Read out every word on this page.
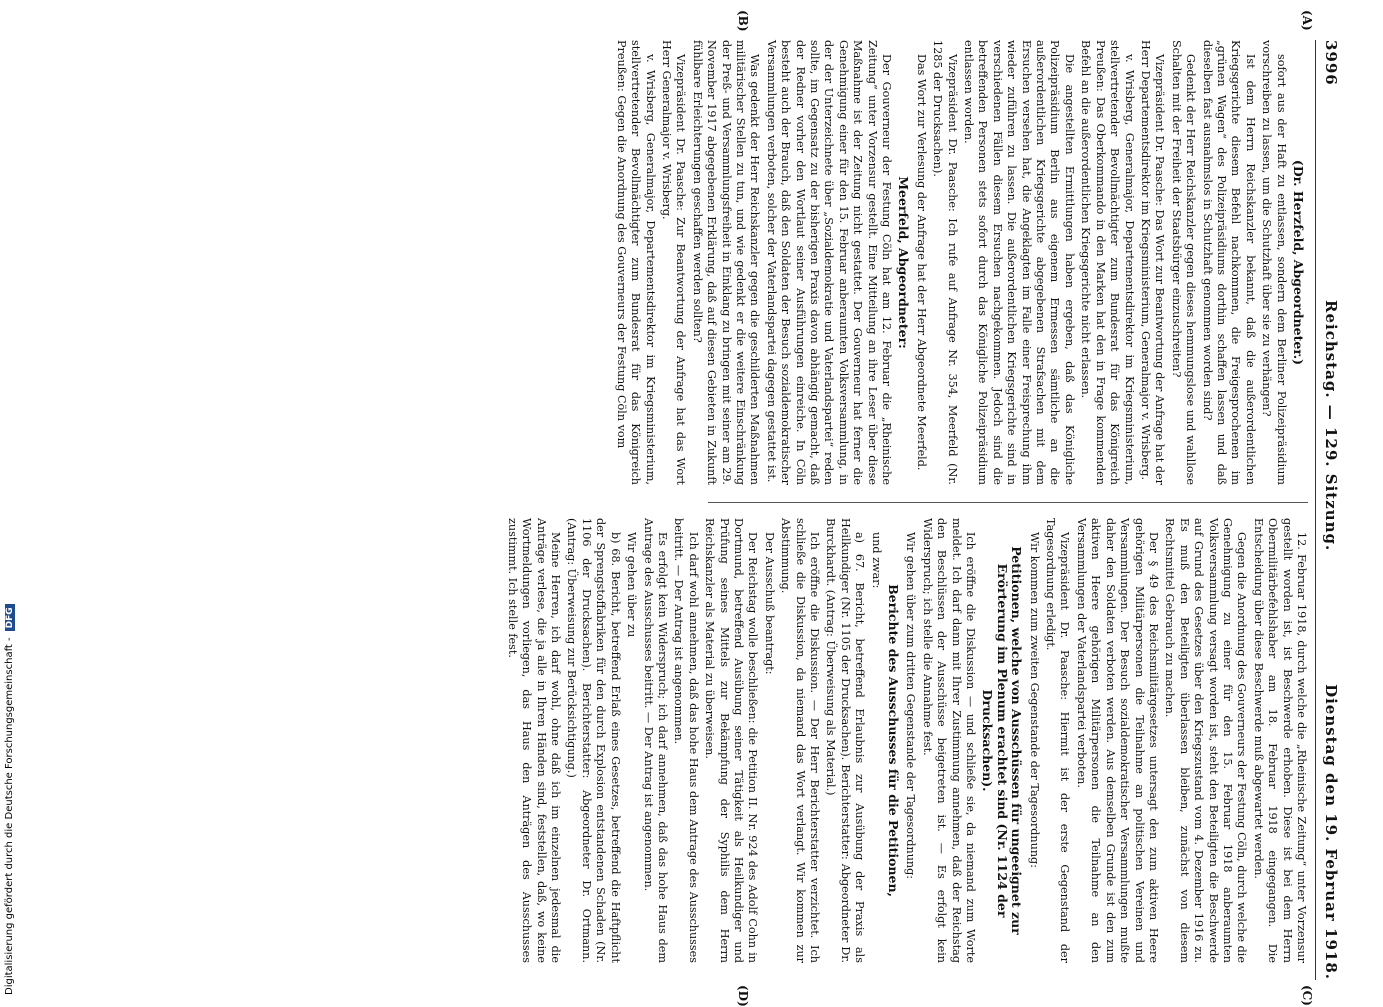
3996
Reichstag. — 129. Sitzung.
Dienstag den 19. Februar 1918.
(A)
(B)
(C)
(D)

(Dr. Herzfeld, Abgeordneter.)

sofort aus der Haft zu entlassen, sondern dem Berliner Polizeipräsidium vorschreiben zu lassen, um die Schutzhaft über sie zu verhängen?

Ist dem Herrn Reichskanzler bekannt, daß die außerordentlichen Kriegsgerichte diesem Befehl nachkommen, die Freigesprochenen im „grünen Wagen“ des Polizeipräsidiums dorthin schaffen lassen und daß dieselben fast ausnahmslos in Schutzhaft genommen worden sind?

Gedenkt der Herr Reichskanzler gegen dieses hemmungslose und wahllose Schalten mit der Freiheit der Staatsbürger einzuschreiten?

Vizepräsident Dr. Paasche: Das Wort zur Beantwortung der Anfrage hat der Herr Departementsdirektor im Kriegsministerium, Generalmajor v. Wrisberg.

v. Wrisberg, Generalmajor, Departementsdirektor im Kriegsministerium, stellvertretender Bevollmächtigter zum Bundesrat für das Königreich Preußen: Das Oberkommando in den Marken hat den in Frage kommenden Befehl an die außerordentlichen Kriegsgerichte nicht erlassen.

Die angestellten Ermittlungen haben ergeben, daß das Königliche Polizeipräsidium Berlin aus eigenem Ermessen sämtliche an die außerordentlichen Kriegsgerichte abgegebenen Strafsachen mit dem Ersuchen versehen hat, die Angeklagten im Falle einer Freisprechung ihm wieder zuführen zu lassen. Die außerordentlichen Kriegsgerichte sind in verschiedenen Fällen diesem Ersuchen nachgekommen. Jedoch sind die betreffenden Personen stets sofort durch das Königliche Polizeipräsidium entlassen worden.

Vizepräsident Dr. Paasche: Ich rufe auf Anfrage Nr. 354, Meerfeld (Nr. 1285 der Drucksachen).

Das Wort zur Verlesung der Anfrage hat der Herr Abgeordnete Meerfeld.

Meerfeld, Abgeordneter:

Der Gouverneur der Festung Cöln hat am 12. Februar die „Rheinische Zeitung“ unter Vorzensur gestellt. Eine Mitteilung an ihre Leser über diese Maßnahme ist der Zeitung nicht gestattet. Der Gouverneur hat ferner die Genehmigung einer für den 15. Februar anberaumten Volksversammlung, in der der Unterzeichnete über „Sozialdemokratie und Vaterlandspartei“ reden sollte, im Gegensatz zu der bisherigen Praxis davon abhängig gemacht, daß der Redner vorher den Wortlaut seiner Ausführungen einreiche. In Cöln besteht auch der Brauch, daß den Soldaten der Besuch sozialdemokratischer Versammlungen verboten, solcher der Vaterlandspartei dagegen gestattet ist.

Was gedenkt der Herr Reichskanzler gegen die geschilderten Maßnahmen militärischer Stellen zu tun, und wie gedenkt er die weitere Einschränkung der Preß- und Versammlungsfreiheit in Einklang zu bringen mit seiner am 29. November 1917 abgegebenen Erklärung, daß auf diesen Gebieten in Zukunft fühlbare Erleichterungen geschaffen werden sollten?

Vizepräsident Dr. Paasche: Zur Beantwortung der Anfrage hat das Wort Herr Generalmajor v. Wrisberg.

v. Wrisberg, Generalmajor, Departementsdirektor im Kriegsministerium, stellvertretender Bevollmächtigter zum Bundesrat für das Königreich Preußen: Gegen die Anordnung des Gouverneurs der Festung Cöln vom

12. Februar 1918, durch welche die „Rheinische Zeitung“ unter Vorzensur gestellt worden ist, ist Beschwerde erhoben. Diese ist bei dem Herrn Obermilitärbefehlshaber am 18. Februar 1918 eingegangen. Die Entscheidung über diese Beschwerde muß abgewartet werden.

Gegen die Anordnung des Gouverneurs der Festung Cöln, durch welche die Genehmigung zu einer für den 15. Februar 1918 anberaumten Volksversammlung versagt worden ist, steht den Beteiligten die Beschwerde auf Grund des Gesetzes über den Kriegszustand vom 4. Dezember 1916 zu. Es muß den Beteiligten überlassen bleiben, zunächst von diesem Rechtsmittel Gebrauch zu machen.

Der § 49 des Reichsmilitärgesetzes untersagt den zum aktiven Heere gehörigen Militärpersonen die Teilnahme an politischen Vereinen und Versammlungen. Der Besuch sozialdemokratischer Versammlungen mußte daher den Soldaten verboten werden. Aus demselben Grunde ist den zum aktiven Heere gehörigen Militärpersonen die Teilnahme an den Versammlungen der Vaterlandspartei verboten.

Vizepräsident Dr. Paasche: Hiermit ist der erste Gegenstand der Tagesordnung erledigt.

Wir kommen zum zweiten Gegenstande der Tagesordnung:

Petitionen, welche von Ausschüssen für ungeeignet zur Erörterung im Plenum erachtet sind (Nr. 1124 der Drucksachen).

Ich eröffne die Diskussion — und schließe sie, da niemand zum Worte meldet. Ich darf dann mit Ihrer Zustimmung annehmen, daß der Reichstag den Beschlüssen der Ausschüsse beigetreten ist. — Es erfolgt kein Widerspruch; ich stelle die Annahme fest.

Wir gehen über zum dritten Gegenstande der Tagesordnung:

Berichte des Ausschusses für die Petitionen,

und zwar:

a) 67. Bericht, betreffend Erlaubnis zur Ausübung der Praxis als Heilkundiger (Nr. 1105 der Drucksachen). Berichterstatter: Abgeordneter Dr. Burckhardt. (Antrag: Überweisung als Material.)

Ich eröffne die Diskussion. — Der Herr Berichterstatter verzichtet. Ich schließe die Diskussion, da niemand das Wort verlangt. Wir kommen zur Abstimmung.

Der Ausschuß beantragt:

Der Reichstag wolle beschließen: die Petition II. Nr. 924 des Adolf Cohn in Dortmund, betreffend Ausübung seiner Tätigkeit als Heilkundiger und Prüfung seines Mittels zur Bekämpfung der Syphilis dem Herrn Reichskanzler als Material zu überweisen.

Ich darf wohl annehmen, daß das hohe Haus dem Antrage des Ausschusses beitritt. — Der Antrag ist angenommen.

Es erfolgt kein Widerspruch; ich darf annehmen, daß das hohe Haus dem Antrage des Ausschusses beitritt. — Der Antrag ist angenommen.

Wir gehen über zu

b) 68. Bericht, betreffend Erlaß eines Gesetzes, betreffend die Haftpflicht der Sprengstoffabriken für den durch Explosion entstandenen Schaden (Nr. 1106 der Drucksachen). Berichterstatter: Abgeordneter Dr. Ortmann. (Antrag: Überweisung zur Berücksichtigung.)

Meine Herren, ich darf wohl, ohne daß ich im einzelnen jedesmal die Anträge verlese, die ja alle in Ihren Händen sind, feststellen, daß, wo keine Wortmeldungen vorliegen, das Haus den Anträgen des Ausschusses zustimmt. Ich stelle fest.

Digitalisierung gefördert durch die Deutsche Forschungsgemeinschaft -DFG
